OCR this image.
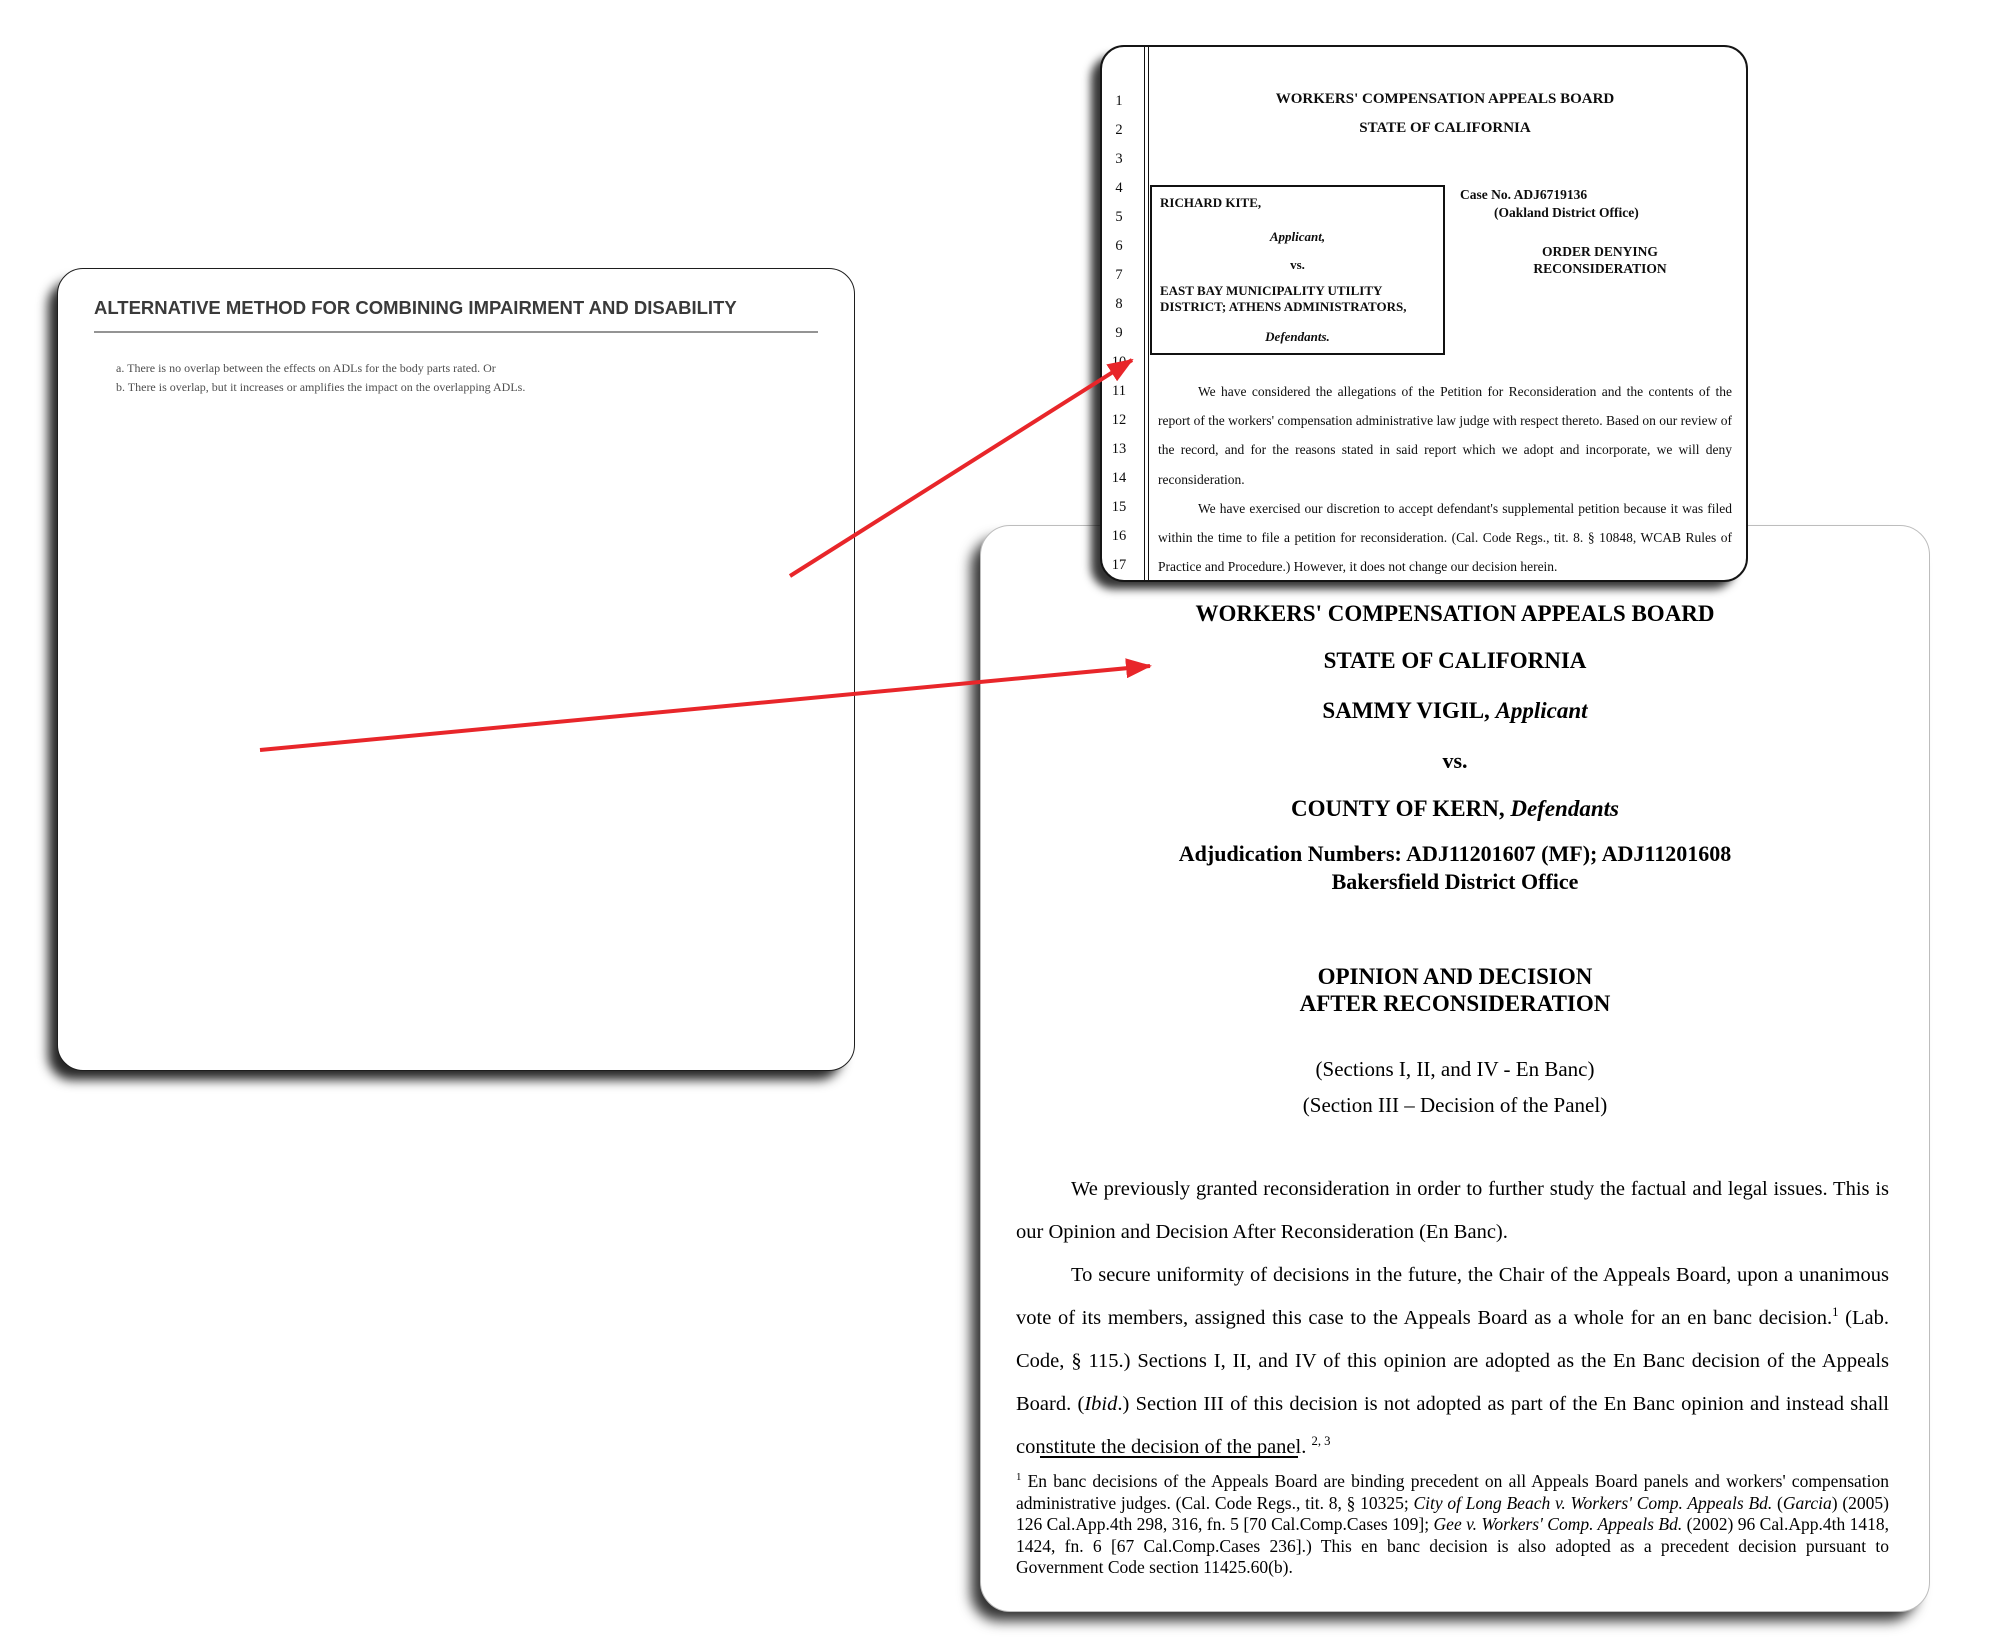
ALTERNATIVE METHOD FOR COMBINING IMPAIRMENT AND DISABILITY

a. There is no overlap between the effects on ADLs for the body parts rated. Or
b. There is overlap, but it increases or amplifies the impact on the overlapping ADLs.

WORKERS' COMPENSATION APPEALS BOARD
STATE OF CALIFORNIA
SAMMY VIGIL, Applicant
vs.
COUNTY OF KERN, Defendants
Adjudication Numbers: ADJ11201607 (MF); ADJ11201608
Bakersfield District Office
OPINION AND DECISION
AFTER RECONSIDERATION
(Sections I, II, and IV - En Banc)
(Section III – Decision of the Panel)

We previously granted reconsideration in order to further study the factual and legal issues. This is our Opinion and Decision After Reconsideration (En Banc).

To secure uniformity of decisions in the future, the Chair of the Appeals Board, upon a unanimous vote of its members, assigned this case to the Appeals Board as a whole for an en banc decision.$^1$ (Lab. Code, § 115.) Sections I, II, and IV of this opinion are adopted as the En Banc decision of the Appeals Board. (Ibid.) Section III of this decision is not adopted as part of the En Banc opinion and instead shall constitute the decision of the panel. $^{2, 3}$

$^1$ En banc decisions of the Appeals Board are binding precedent on all Appeals Board panels and workers' compensation administrative judges. (Cal. Code Regs., tit. 8, § 10325; City of Long Beach v. Workers' Comp. Appeals Bd. (Garcia) (2005) 126 Cal.App.4th 298, 316, fn. 5 [70 Cal.Comp.Cases 109]; Gee v. Workers' Comp. Appeals Bd. (2002) 96 Cal.App.4th 1418, 1424, fn. 6 [67 Cal.Comp.Cases 236].) This en banc decision is also adopted as a precedent decision pursuant to Government Code section 11425.60(b).
1
2
3
4
5
6
7
8
9
10
11
12
13
14
15
16
17
WORKERS' COMPENSATION APPEALS BOARD
STATE OF CALIFORNIA
RICHARD KITE,
Applicant,
vs.
EAST BAY MUNICIPALITY UTILITY DISTRICT; ATHENS ADMINISTRATORS,
Defendants.
Case No. ADJ6719136
(Oakland District Office)
ORDER DENYING
RECONSIDERATION

We have considered the allegations of the Petition for Reconsideration and the contents of the report of the workers' compensation administrative law judge with respect thereto. Based on our review of the record, and for the reasons stated in said report which we adopt and incorporate, we will deny reconsideration.

We have exercised our discretion to accept defendant's supplemental petition because it was filed within the time to file a petition for reconsideration. (Cal. Code Regs., tit. 8. § 10848, WCAB Rules of Practice and Procedure.) However, it does not change our decision herein.
